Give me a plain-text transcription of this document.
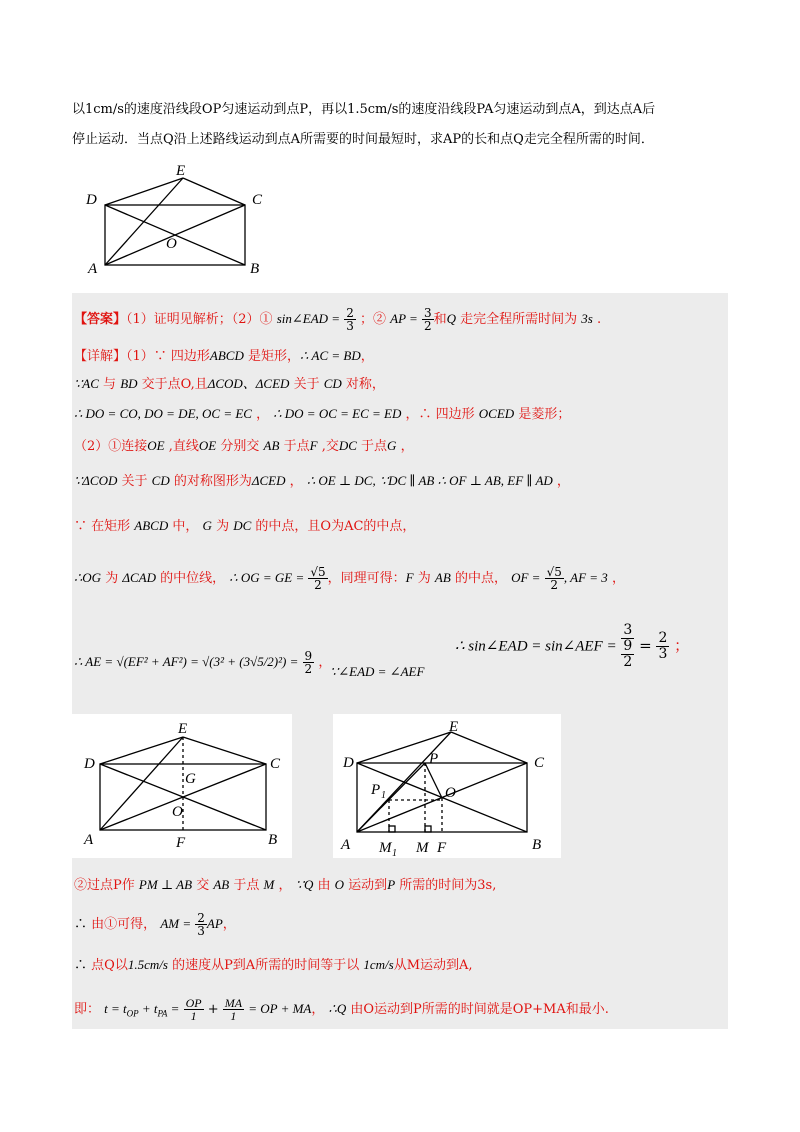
以1cm/s的速度沿线段OP匀速运动到点P，再以1.5cm/s的速度沿线段PA匀速运动到点A，到达点A后
停止运动．当点Q沿上述路线运动到点A所需要的时间最短时，求AP的长和点Q走完全程所需的时间．
E
D	C
O
A	B
【答案】（1）证明见解析；（2）① sin∠EAD = $\frac{2}{3}$ ；② AP = $\frac{3}{2}$ 和Q 走完全程所需时间为 3s .
【详解】（1）∵ 四边形ABCD 是矩形，∴ AC = BD，
∵AC 与 BD 交于点O,且ΔCOD、ΔCED 关于 CD 对称，
∴ DO = CO, DO = DE, OC = EC ， ∴ DO = OC = EC = ED ，∴ 四边形 OCED 是菱形；
（2）①连接OE ,直线OE 分别交 AB 于点F ,交DC 于点G ，
∵ΔCOD 关于 CD 的对称图形为ΔCED ， ∴ OE ⊥ DC, ∵DC ∥ AB ∴ OF ⊥ AB, EF ∥ AD ，
∵ 在矩形 ABCD 中， G 为 DC 的中点，且O为AC的中点，
∴OG 为 ΔCAD 的中位线， ∴ OG = GE = $\frac{√5}{2}$ ，同理可得：F 为 AB 的中点， OF = $\frac{√5}{2}$ , AF = 3 ，
∴ sin∠EAD = sin∠AEF =
3
9
2
= $\frac{2}{3}$ ；
∴ AE = $√(EF^2 + AF^2) = √(3^2 + (3√5/2)^2) = \frac{9}{2}$ ，
∵∠EAD = ∠AEF
E
D	C
G
O
A	F	B
E
D	C
P
P 1	O
A M 1 M F	B
②过点P作 PM ⊥ AB 交 AB 于点 M ， ∵Q 由 O 运动到P 所需的时间为3s,
∴ 由①可得， AM = $\frac{2}{3}$ AP，
∴ 点Q以1.5cm/s 的速度从P到A所需的时间等于以 1cm/s从M运动到A,
即： $t = t_{OP} + t_{PA} = \frac{OP}{1} + \frac{MA}{1}$ = OP + MA， ∴Q 由O运动到P所需的时间就是OP+MA和最小.
